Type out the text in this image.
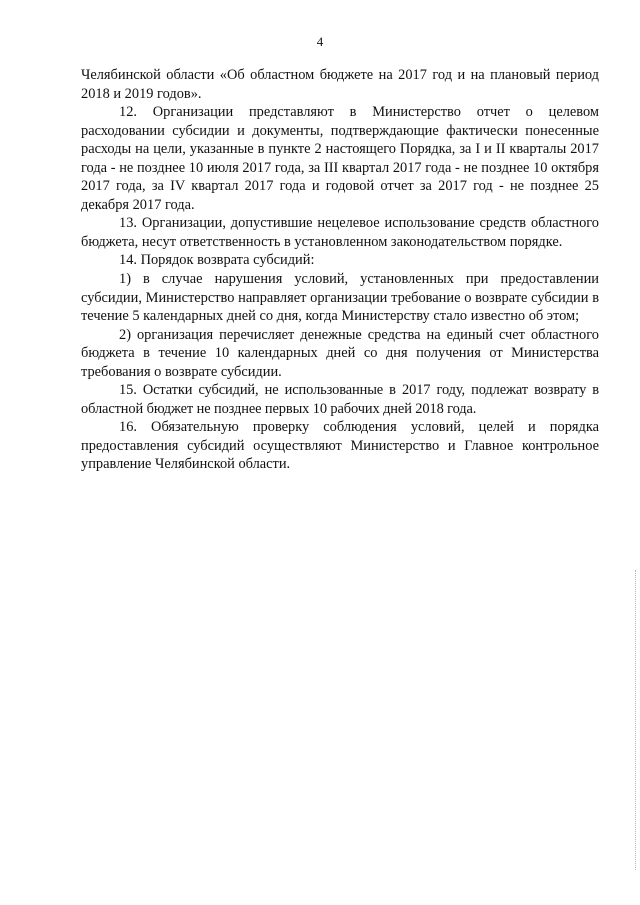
4

Челябинской области «Об областном бюджете на 2017 год и на плановый период 2018 и 2019 годов».

12. Организации представляют в Министерство отчет о целевом расходовании субсидии и документы, подтверждающие фактически понесенные расходы на цели, указанные в пункте 2 настоящего Порядка, за I и II кварталы 2017 года - не позднее 10 июля 2017 года, за III квартал 2017 года - не позднее 10 октября 2017 года, за IV квартал 2017 года и годовой отчет за 2017 год - не позднее 25 декабря 2017 года.

13. Организации, допустившие нецелевое использование средств областного бюджета, несут ответственность в установленном законодательством порядке.

14. Порядок возврата субсидий:

1) в случае нарушения условий, установленных при предоставлении субсидии, Министерство направляет организации требование о возврате субсидии в течение 5 календарных дней со дня, когда Министерству стало известно об этом;

2) организация перечисляет денежные средства на единый счет областного бюджета в течение 10 календарных дней со дня получения от Министерства требования о возврате субсидии.

15. Остатки субсидий, не использованные в 2017 году, подлежат возврату в областной бюджет не позднее первых 10 рабочих дней 2018 года.

16. Обязательную проверку соблюдения условий, целей и порядка предоставления субсидий осуществляют Министерство и Главное контрольное управление Челябинской области.
